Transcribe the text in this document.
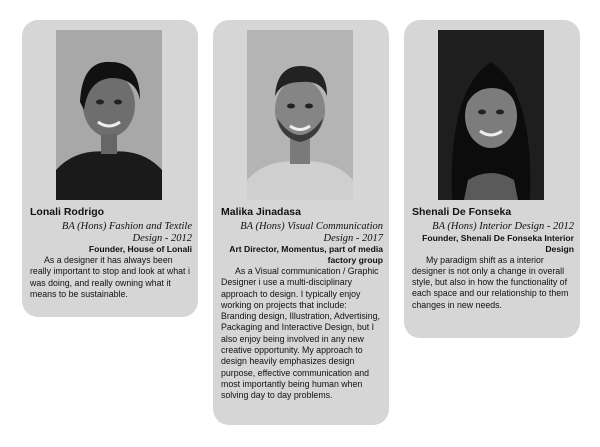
Lonali Rodrigo
BA (Hons) Fashion and Textile Design - 2012
Founder, House of Lonali
As a designer it has always been really important to stop and look at what i was doing, and really owning what it means to be sustainable.
Malika Jinadasa
BA (Hons) Visual Communication Design - 2017
Art Director, Momentus, part of media factory group
As a Visual communication / Graphic Designer i use a multi-disciplinary approach to design. I typically enjoy working on projects that include: Branding design, Illustration, Advertising, Packaging and Interactive Design, but I also enjoy being involved in any new creative opportunity. My approach to design heavily emphasizes design purpose, effective communication and most importantly being human when solving day to day problems.
Shenali De Fonseka
BA (Hons) Interior Design - 2012
Founder, Shenali De Fonseka Interior Design
My paradigm shift as a interior designer is not only a change in overall style, but also in how the functionality of each space and our relationship to them changes in new needs.
